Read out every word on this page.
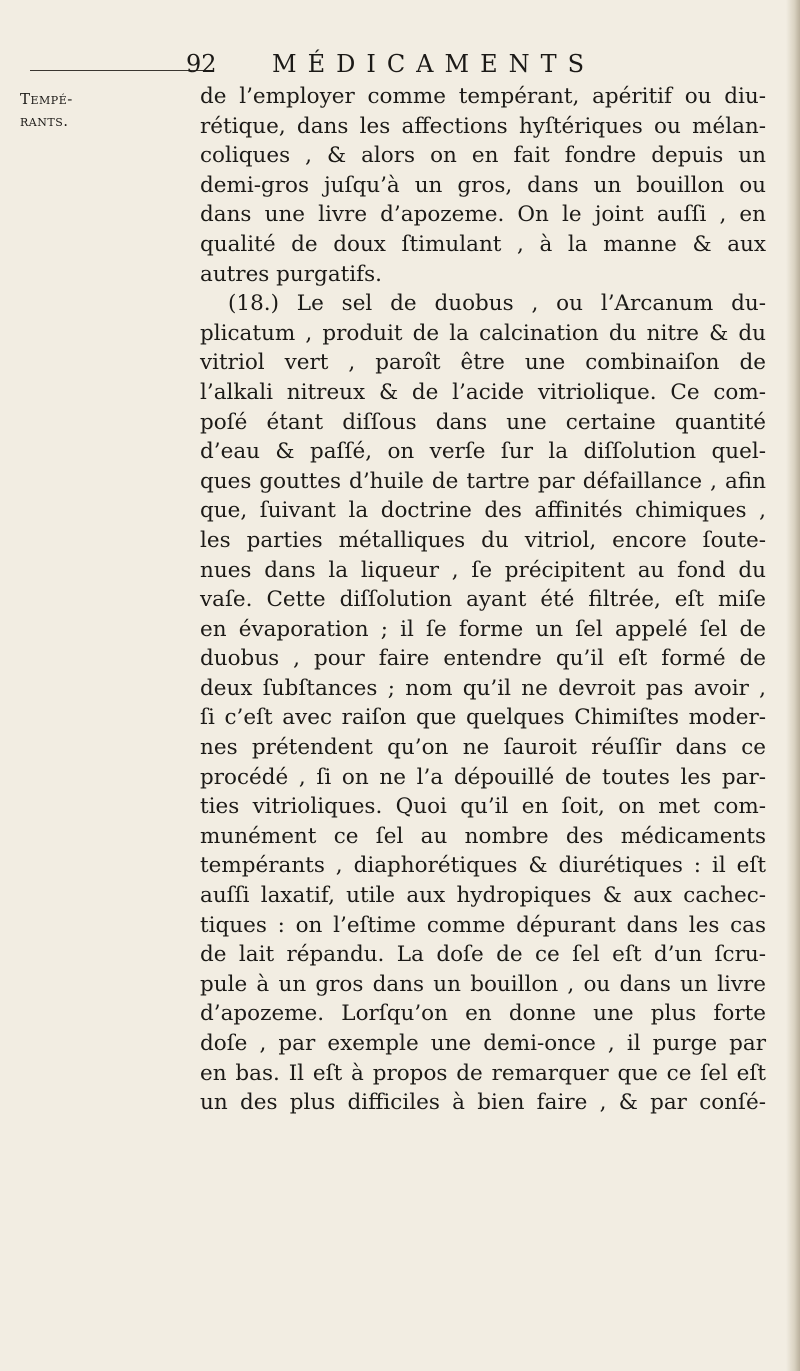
Tempé-
rants.
92 MÉDICAMENTS
de l’employer comme tempérant, apéritif ou diu-
rétique, dans les affections hyſtériques ou mélan-
coliques , & alors on en fait fondre depuis un
demi-gros juſqu’à un gros, dans un bouillon ou
dans une livre d’apozeme. On le joint auſſi , en
qualité de doux ſtimulant , à la manne & aux
autres purgatifs.
(18.) Le sel de duobus , ou l’Arcanum du-
plicatum , produit de la calcination du nitre & du
vitriol vert , paroît être une combinaiſon de
l’alkali nitreux & de l’acide vitriolique. Ce com-
poſé étant diſſous dans une certaine quantité
d’eau & paſſé, on verſe ſur la diſſolution quel-
ques gouttes d’huile de tartre par défaillance , afin
que, ſuivant la doctrine des affinités chimiques ,
les parties métalliques du vitriol, encore ſoute-
nues dans la liqueur , ſe précipitent au fond du
vaſe. Cette diſſolution ayant été filtrée, eſt miſe
en évaporation ; il ſe forme un ſel appelé ſel de
duobus , pour faire entendre qu’il eſt formé de
deux ſubſtances ; nom qu’il ne devroit pas avoir ,
ſi c’eſt avec raiſon que quelques Chimiſtes moder-
nes prétendent qu’on ne ſauroit réuſſir dans ce
procédé , ſi on ne l’a dépouillé de toutes les par-
ties vitrioliques. Quoi qu’il en ſoit, on met com-
munément ce ſel au nombre des médicaments
tempérants , diaphorétiques & diurétiques : il eſt
auſſi laxatif, utile aux hydropiques & aux cachec-
tiques : on l’eſtime comme dépurant dans les cas
de lait répandu. La doſe de ce ſel eſt d’un ſcru-
pule à un gros dans un bouillon , ou dans un livre
d’apozeme. Lorſqu’on en donne une plus forte
doſe , par exemple une demi-once , il purge par
en bas. Il eſt à propos de remarquer que ce ſel eſt
un des plus difficiles à bien faire , & par conſé-
